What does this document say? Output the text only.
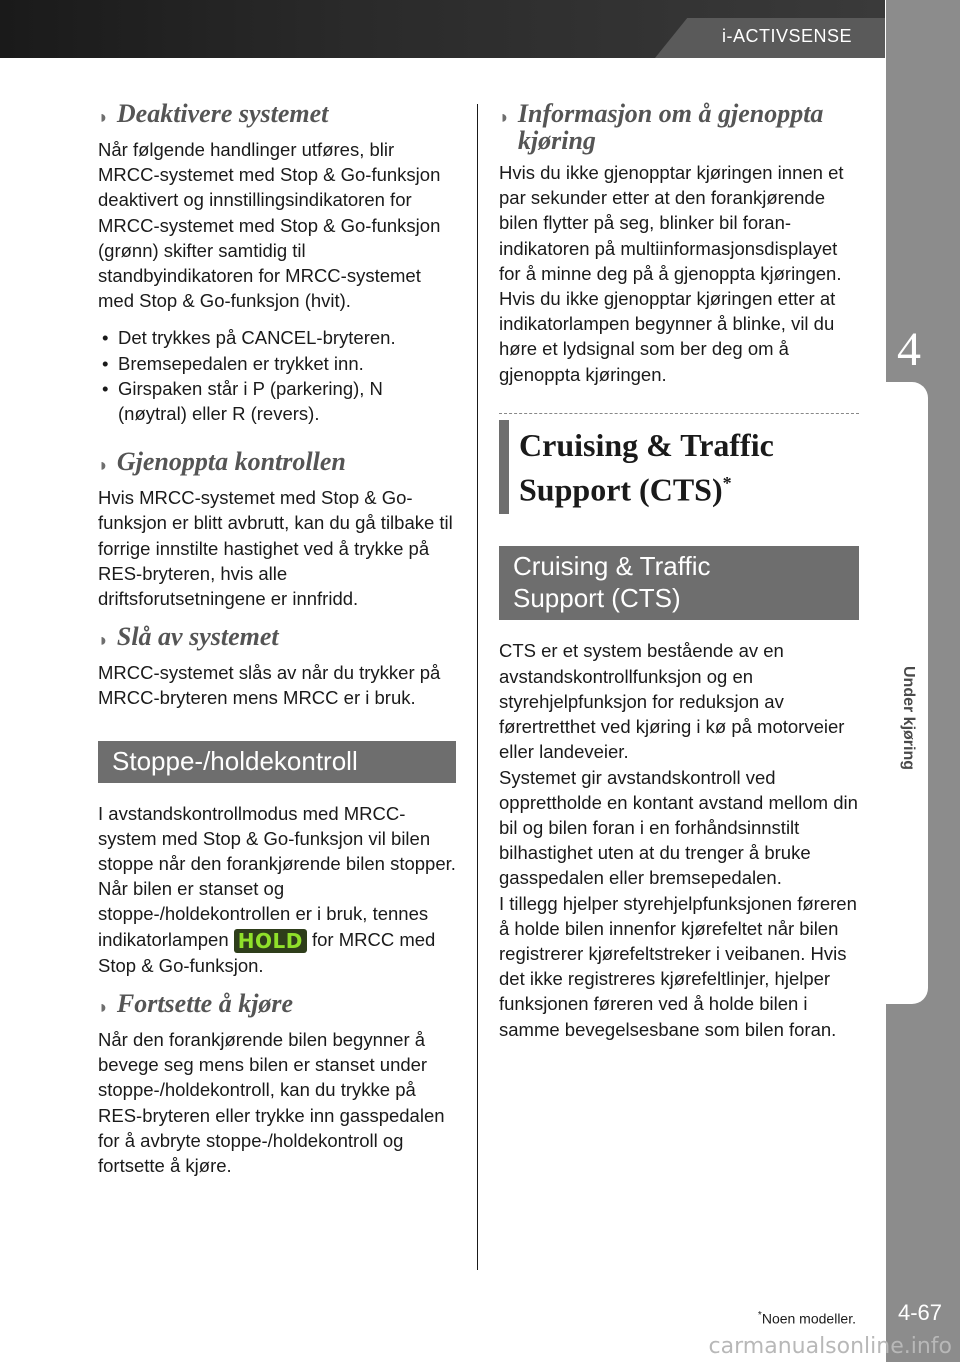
i-ACTIVSENSE
4
Under kjøring
4-67
◗ Deaktivere systemet

Når følgende handlinger utføres, blir MRCC-systemet med Stop & Go-funksjon deaktivert og innstillingsindikatoren for MRCC-systemet med Stop & Go-funksjon (grønn) skifter samtidig til standbyindikatoren for MRCC-systemet med Stop & Go-funksjon (hvit).

• Det trykkes på CANCEL-bryteren.
• Bremsepedalen er trykket inn.
• Girspaken står i P (parkering), N (nøytral) eller R (revers).
◗ Gjenoppta kontrollen

Hvis MRCC-systemet med Stop & Go-funksjon er blitt avbrutt, kan du gå tilbake til forrige innstilte hastighet ved å trykke på RES-bryteren, hvis alle driftsforutsetningene er innfridd.

◗ Slå av systemet

MRCC-systemet slås av når du trykker på MRCC-bryteren mens MRCC er i bruk.

Stoppe-/holdekontroll

I avstandskontrollmodus med MRCC-system med Stop & Go-funksjon vil bilen stoppe når den forankjørende bilen stopper. Når bilen er stanset og stoppe-/holdekontrollen er i bruk, tennes indikatorlampen HOLD for MRCC med Stop & Go-funksjon.

◗ Fortsette å kjøre

Når den forankjørende bilen begynner å bevege seg mens bilen er stanset under stoppe-/holdekontroll, kan du trykke på RES-bryteren eller trykke inn gasspedalen for å avbryte stoppe-/holdekontroll og fortsette å kjøre.

◗ Informasjon om å gjenoppta kjøring

Hvis du ikke gjenopptar kjøringen innen et par sekunder etter at den forankjørende bilen flytter på seg, blinker bil foran-indikatoren på multiinformasjonsdisplayet for å minne deg på å gjenoppta kjøringen. Hvis du ikke gjenopptar kjøringen etter at indikatorlampen begynner å blinke, vil du høre et lydsignal som ber deg om å gjenoppta kjøringen.

Cruising & Traffic
Support (CTS)*
Cruising & Traffic
Support (CTS)

CTS er et system bestående av en avstandskontrollfunksjon og en styrehjelpfunksjon for reduksjon av førertretthet ved kjøring i kø på motorveier eller landeveier.

Systemet gir avstandskontroll ved opprettholde en kontant avstand mellom din bil og bilen foran i en forhåndsinnstilt bilhastighet uten at du trenger å bruke gasspedalen eller bremsepedalen.

I tillegg hjelper styrehjelpfunksjonen føreren å holde bilen innenfor kjørefeltet når bilen registrerer kjørefeltstreker i veibanen. Hvis det ikke registreres kjørefeltlinjer, hjelper funksjonen føreren ved å holde bilen i samme bevegelsesbane som bilen foran.

*Noen modeller.
carmanualsonline.info
